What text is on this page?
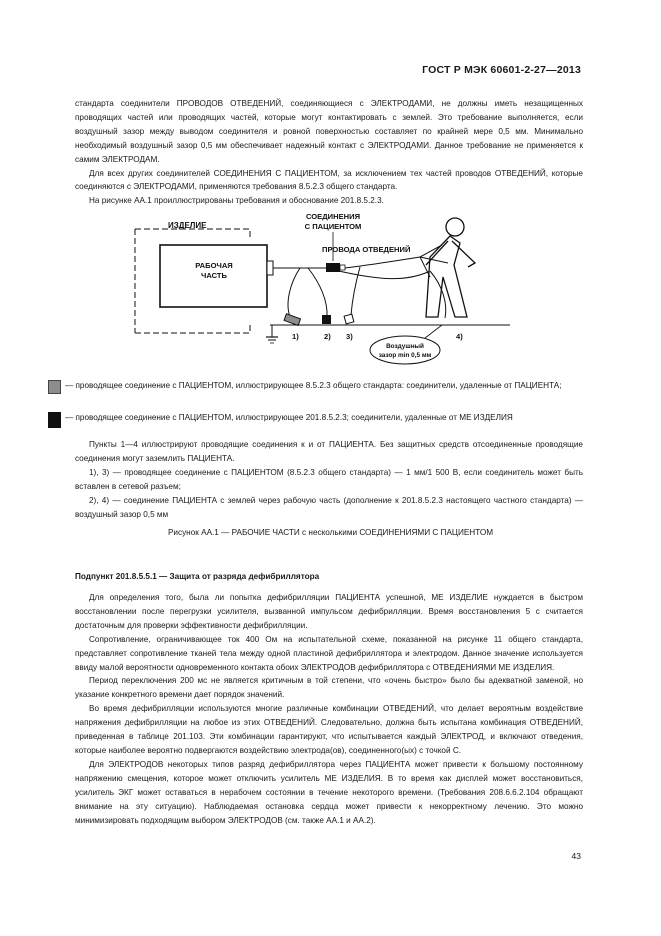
ГОСТ Р МЭК 60601-2-27—2013

стандарта соединители ПРОВОДОВ ОТВЕДЕНИЙ, соединяющиеся с ЭЛЕКТРОДАМИ, не должны иметь незащищенных проводящих частей или проводящих частей, которые могут контактировать с землей. Это требование выполняется, если воздушный зазор между выводом соединителя и ровной поверхностью составляет по крайней мере 0,5 мм. Минимально необходимый воздушный зазор 0,5 мм обеспечивает надежный контакт с ЭЛЕКТРОДАМИ. Данное требование не применяется к самим ЭЛЕКТРОДАМ.

Для всех других соединителей СОЕДИНЕНИЯ С ПАЦИЕНТОМ, за исключением тех частей проводов ОТВЕДЕНИЙ, которые соединяются с ЭЛЕКТРОДАМИ, применяются требования 8.5.2.3 общего стандарта.

На рисунке АА.1 проиллюстрированы требования и обоснование 201.8.5.2.3.

ИЗДЕЛИЕ
РАБОЧАЯ
ЧАСТЬ
СОЕДИНЕНИЯ
С ПАЦИЕНТОМ
ПРОВОДА ОТВЕДЕНИЙ
1)	2) 3)	4)
Воздушный
зазор min 0,5 мм
— проводящее соединение с ПАЦИЕНТОМ, иллюстрирующее 8.5.2.3 общего стандарта: соединители, удаленные от ПАЦИЕНТА;
— проводящее соединение с ПАЦИЕНТОМ, иллюстрирующее 201.8.5.2.3; соединители, удаленные от МЕ ИЗДЕЛИЯ

Пункты 1—4 иллюстрируют проводящие соединения к и от ПАЦИЕНТА. Без защитных средств отсоединенные проводящие соединения могут заземлить ПАЦИЕНТА.

1), 3) — проводящее соединение с ПАЦИЕНТОМ (8.5.2.3 общего стандарта) — 1 мм/1 500 В, если соединитель может быть вставлен в сетевой разъем;

2), 4) — соединение ПАЦИЕНТА с землей через рабочую часть (дополнение к 201.8.5.2.3 настоящего частного стандарта) — воздушный зазор 0,5 мм

Рисунок АА.1 — РАБОЧИЕ ЧАСТИ с несколькими СОЕДИНЕНИЯМИ С ПАЦИЕНТОМ
Подпункт 201.8.5.5.1 — Защита от разряда дефибриллятора

Для определения того, была ли попытка дефибрилляции ПАЦИЕНТА успешной, МЕ ИЗДЕЛИЕ нуждается в быстром восстановлении после перегрузки усилителя, вызванной импульсом дефибрилляции. Время восстановления 5 с считается достаточным для проверки эффективности дефибрилляции.

Сопротивление, ограничивающее ток 400 Ом на испытательной схеме, показанной на рисунке 11 общего стандарта, представляет сопротивление тканей тела между одной пластиной дефибриллятора и электродом. Данное значение используется ввиду малой вероятности одновременного контакта обоих ЭЛЕКТРОДОВ дефибриллятора с ОТВЕДЕНИЯМИ МЕ ИЗДЕЛИЯ.

Период переключения 200 мс не является критичным в той степени, что «очень быстро» было бы адекватной заменой, но указание конкретного времени дает порядок значений.

Во время дефибрилляции используются многие различные комбинации ОТВЕДЕНИЙ, что делает вероятным воздействие напряжения дефибрилляции на любое из этих ОТВЕДЕНИЙ. Следовательно, должна быть испытана комбинация ОТВЕДЕНИЙ, приведенная в таблице 201.103. Эти комбинации гарантируют, что испытывается каждый ЭЛЕКТРОД, и включают отведения, которые наиболее вероятно подвергаются воздействию электрода(ов), соединенного(ых) с точкой С.

Для ЭЛЕКТРОДОВ некоторых типов разряд дефибриллятора через ПАЦИЕНТА может привести к большому постоянному напряжению смещения, которое может отключить усилитель МЕ ИЗДЕЛИЯ. В то время как дисплей может восстановиться, усилитель ЭКГ может оставаться в нерабочем состоянии в течение некоторого времени. (Требования 208.6.6.2.104 обращают внимание на эту ситуацию). Наблюдаемая остановка сердца может привести к некорректному лечению. Это можно минимизировать подходящим выбором ЭЛЕКТРОДОВ (см. также АА.1 и АА.2).

43
